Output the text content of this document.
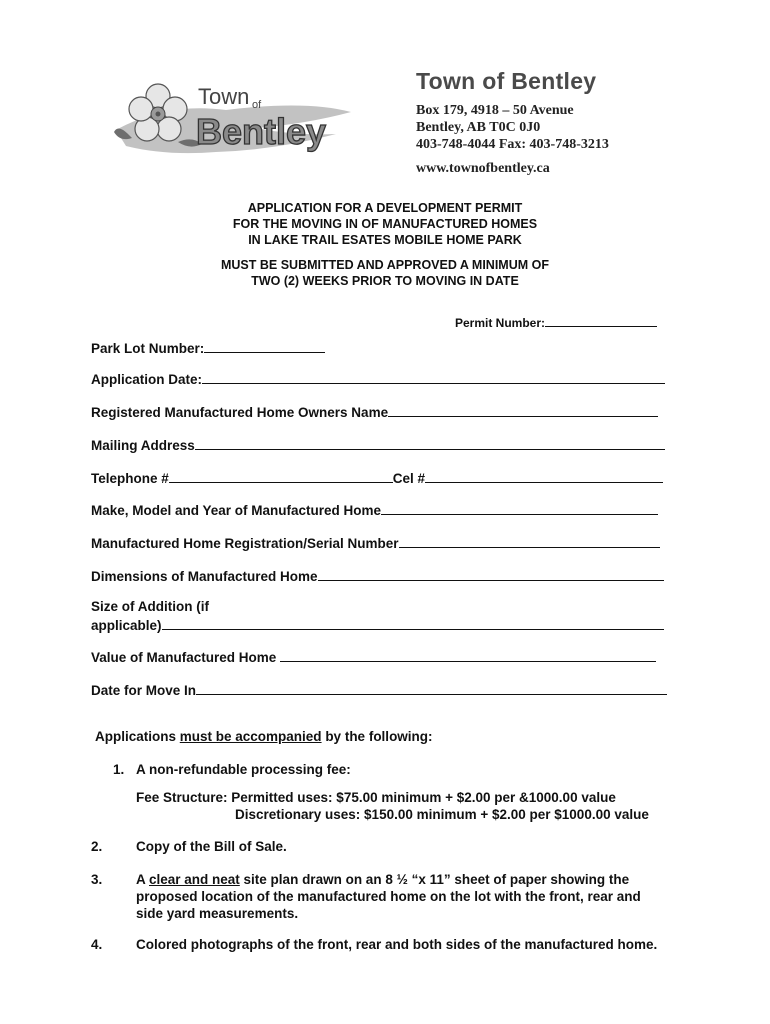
Town of
Bentley
Town of Bentley
Box 179, 4918 – 50 Avenue
Bentley, AB T0C 0J0
403-748-4044 Fax: 403-748-3213
www.townofbentley.ca
APPLICATION FOR A DEVELOPMENT PERMIT
FOR THE MOVING IN OF MANUFACTURED HOMES
IN LAKE TRAIL ESATES MOBILE HOME PARK
MUST BE SUBMITTED AND APPROVED A MINIMUM OF
TWO (2) WEEKS PRIOR TO MOVING IN DATE
Permit Number:
Park Lot Number:
Application Date:
Registered Manufactured Home Owners Name
Mailing Address
Telephone #	Cel #
Make, Model and Year of Manufactured Home
Manufactured Home Registration/Serial Number
Dimensions of Manufactured Home
Size of Addition (if
applicable)
Value of Manufactured Home
Date for Move In
Applications must be accompanied by the following:
1. A non-refundable processing fee:
Fee Structure: Permitted uses: $75.00 minimum + $2.00 per &1000.00 value
Discretionary uses: $150.00 minimum + $2.00 per $1000.00 value
2. Copy of the Bill of Sale.
3. A clear and neat site plan drawn on an 8 ½ “x 11” sheet of paper showing the
proposed location of the manufactured home on the lot with the front, rear and
side yard measurements.
4. Colored photographs of the front, rear and both sides of the manufactured home.
